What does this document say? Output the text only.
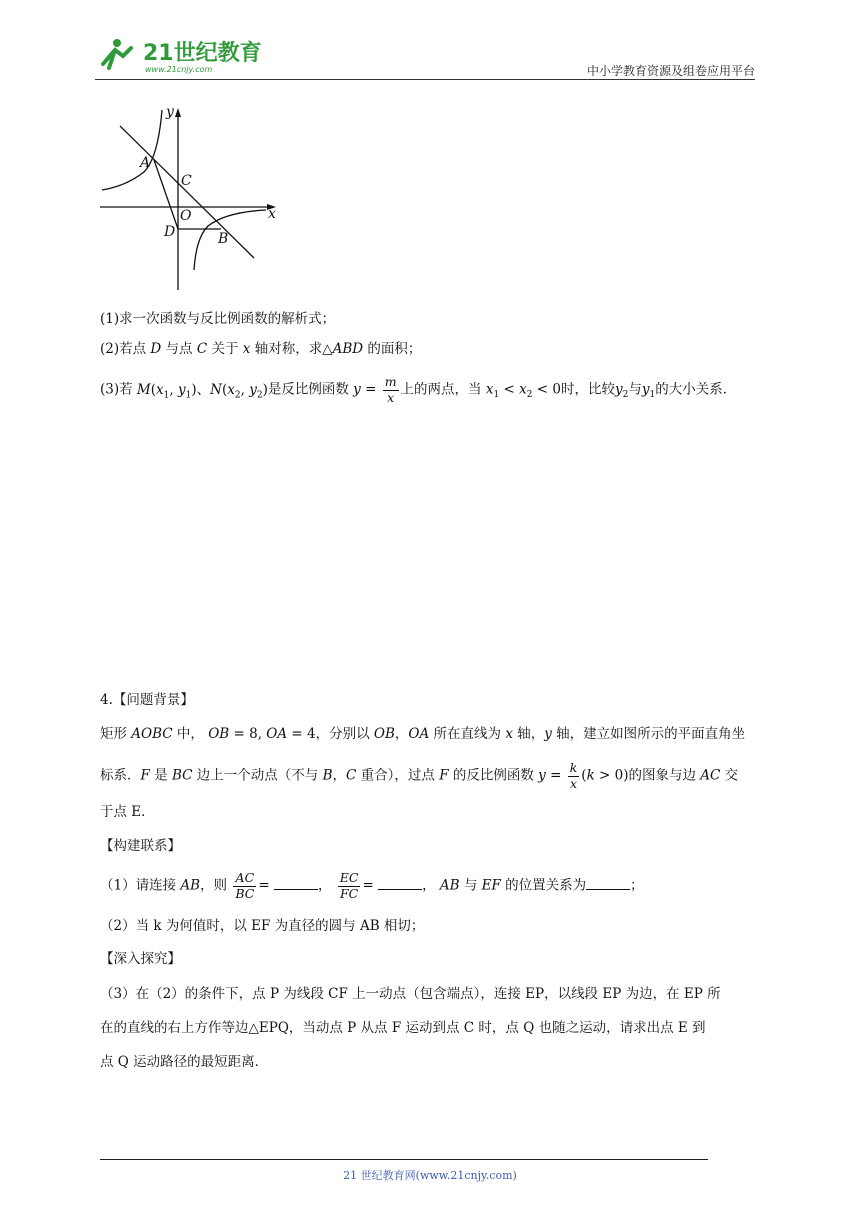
21世纪教育
www.21cnjy.com	中小学教育资源及组卷应用平台
y
x
A
C
O
D	B
(1)求一次函数与反比例函数的解析式；
(2)若点 D 与点 C 关于 x 轴对称，求△ABD 的面积；
(3)若 $M(x_1$, $y_1$)、$N(x_2$, $y_2$)是反比例函数 $y = \frac{m}{x}$ 上的两点，当 $x_1 < x_2 < 0$时，比较$y_2$与$y_1$的大小关系．
4.【问题背景】
矩形 AOBC 中， OB = 8, OA = 4，分别以 OB，OA 所在直线为 x 轴，y 轴，建立如图所示的平面直角坐
标系．F 是 BC 边上一个动点（不与 B，C 重合），过点 F 的反比例函数 $y = \frac{k}{x} (k > 0)$的图象与边 AC 交
于点 E．
【构建联系】
（1）请连接 AB，则 $\frac{AC}{BC}$ =	， $\frac{EC}{FC}$ =	， AB 与 EF 的位置关系为	；
（2）当 k 为何值时，以 EF 为直径的圆与 AB 相切；
【深入探究】
（3）在（2）的条件下，点 P 为线段 CF 上一动点（包含端点），连接 EP，以线段 EP 为边，在 EP 所
在的直线的右上方作等边△EPQ，当动点 P 从点 F 运动到点 C 时，点 Q 也随之运动，请求出点 E 到
点 Q 运动路径的最短距离．
21 世纪教育网(www.21cnjy.com)
